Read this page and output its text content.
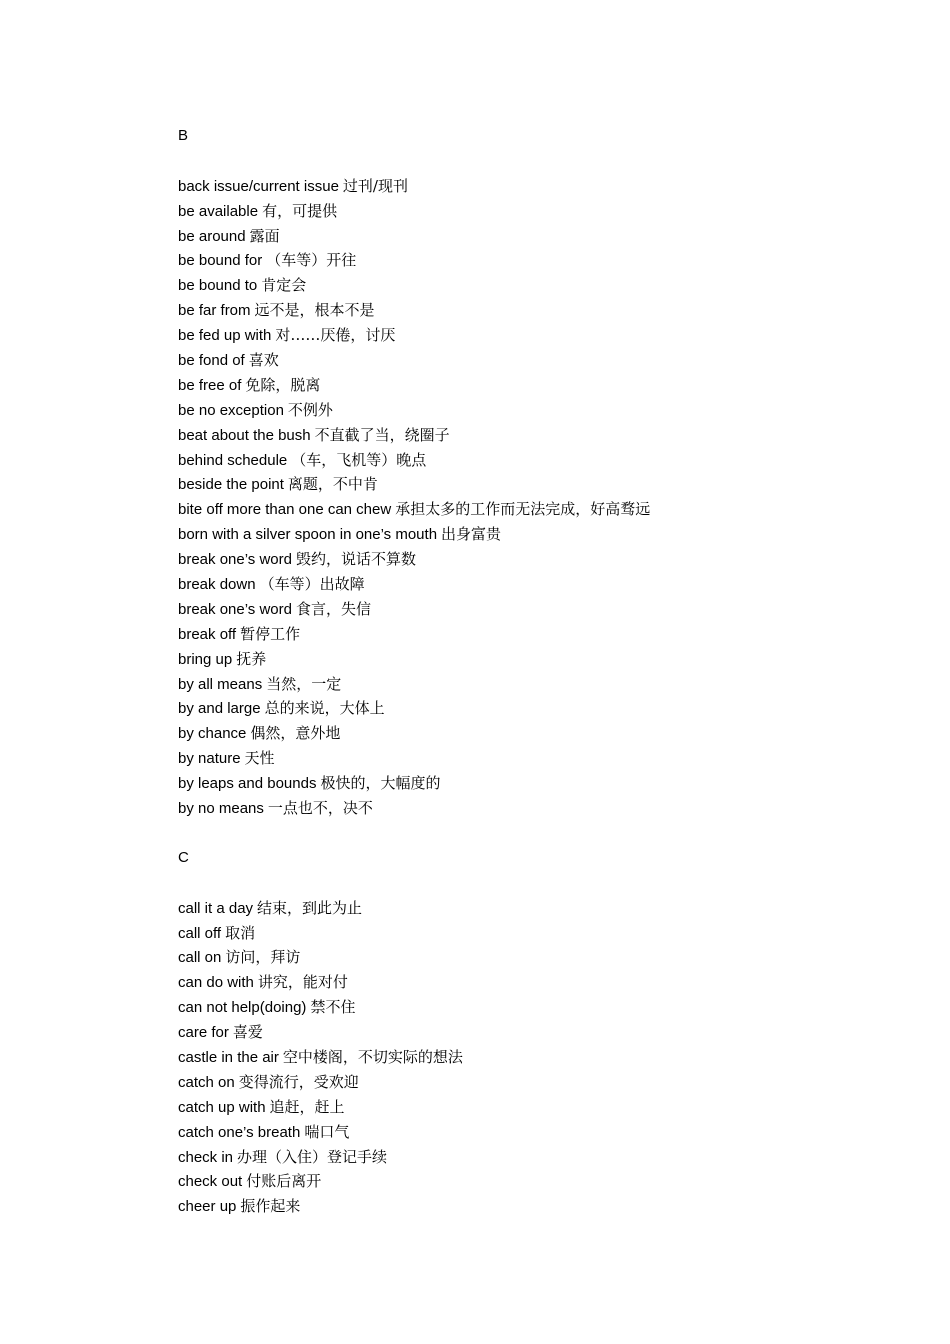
B
back issue/current issue 过刊/现刊
be available 有，可提供
be around 露面
be bound for （车等）开往
be bound to 肯定会
be far from 远不是，根本不是
be fed up with 对……厌倦，讨厌
be fond of 喜欢
be free of 免除，脱离
be no exception 不例外
beat about the bush 不直截了当，绕圈子
behind schedule （车，飞机等）晚点
beside the point 离题，不中肯
bite off more than one can chew 承担太多的工作而无法完成，好高骛远
born with a silver spoon in one’s mouth 出身富贵
break one’s word 毁约，说话不算数
break down （车等）出故障
break one’s word 食言，失信
break off 暂停工作
bring up 抚养
by all means 当然，一定
by and large 总的来说，大体上
by chance 偶然，意外地
by nature 天性
by leaps and bounds 极快的，大幅度的
by no means 一点也不，决不
C
call it a day 结束，到此为止
call off 取消
call on 访问，拜访
can do with 讲究，能对付
can not help(doing) 禁不住
care for 喜爱
castle in the air 空中楼阁，不切实际的想法
catch on 变得流行，受欢迎
catch up with 追赶，赶上
catch one’s breath 喘口气
check in 办理（入住）登记手续
check out 付账后离开
cheer up 振作起来
